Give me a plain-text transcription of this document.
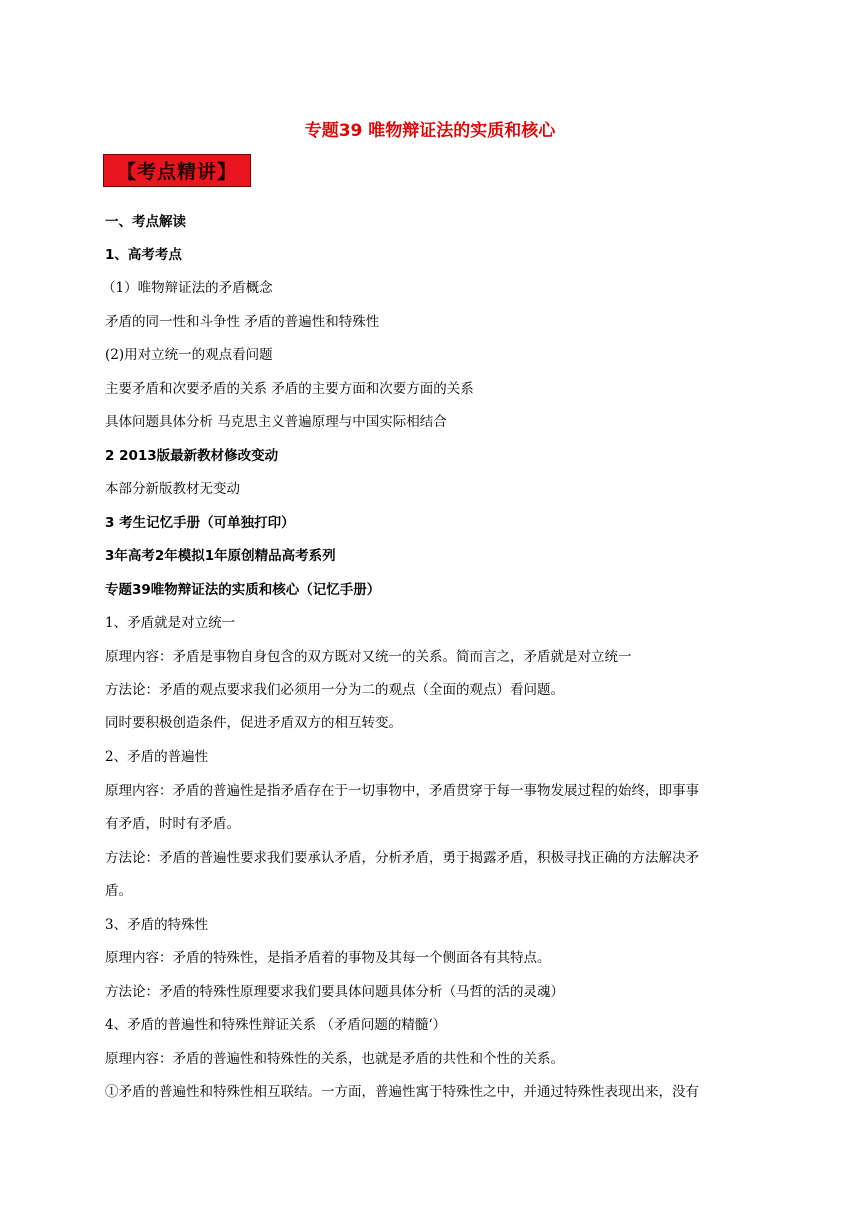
专题39 唯物辩证法的实质和核心
【考点精讲】
一、考点解读
1、高考考点
（1）唯物辩证法的矛盾概念
矛盾的同一性和斗争性 矛盾的普遍性和特殊性
(2)用对立统一的观点看问题
主要矛盾和次要矛盾的关系 矛盾的主要方面和次要方面的关系
具体问题具体分析 马克思主义普遍原理与中国实际相结合
2 2013版最新教材修改变动
本部分新版教材无变动
3 考生记忆手册（可单独打印）
3年高考2年模拟1年原创精品高考系列
专题39唯物辩证法的实质和核心（记忆手册）
1、矛盾就是对立统一
原理内容：矛盾是事物自身包含的双方既对又统一的关系。简而言之，矛盾就是对立统一
方法论：矛盾的观点要求我们必须用一分为二的观点（全面的观点）看问题。
同时要积极创造条件，促进矛盾双方的相互转变。
2、矛盾的普遍性
原理内容：矛盾的普遍性是指矛盾存在于一切事物中，矛盾贯穿于每一事物发展过程的始终，即事事
有矛盾，时时有矛盾。
方法论：矛盾的普遍性要求我们要承认矛盾，分析矛盾，勇于揭露矛盾，积极寻找正确的方法解决矛
盾。
3、矛盾的特殊性
原理内容：矛盾的特殊性，是指矛盾着的事物及其每一个侧面各有其特点。
方法论：矛盾的特殊性原理要求我们要具体问题具体分析（马哲的活的灵魂）
4、矛盾的普遍性和特殊性辩证关系 （矛盾问题的精髓‘）
原理内容：矛盾的普遍性和特殊性的关系，也就是矛盾的共性和个性的关系。
①矛盾的普遍性和特殊性相互联结。一方面，普遍性寓于特殊性之中，并通过特殊性表现出来，没有
